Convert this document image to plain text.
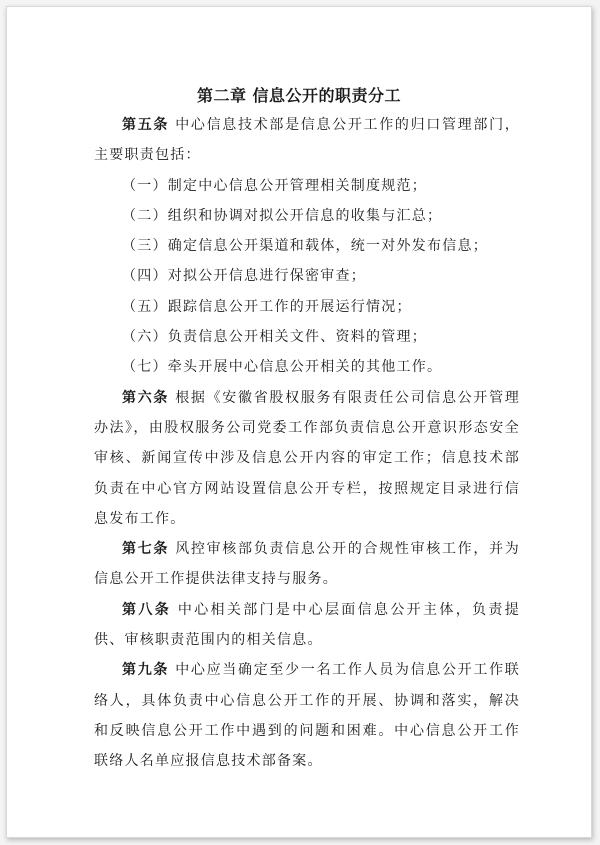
第二章 信息公开的职责分工

第五条 中心信息技术部是信息公开工作的归口管理部门，主要职责包括：

（一）制定中心信息公开管理相关制度规范；

（二）组织和协调对拟公开信息的收集与汇总；

（三）确定信息公开渠道和载体，统一对外发布信息；

（四）对拟公开信息进行保密审查；

（五）跟踪信息公开工作的开展运行情况；

（六）负责信息公开相关文件、资料的管理；

（七）牵头开展中心信息公开相关的其他工作。

第六条 根据《安徽省股权服务有限责任公司信息公开管理办法》，由股权服务公司党委工作部负责信息公开意识形态安全审核、新闻宣传中涉及信息公开内容的审定工作；信息技术部负责在中心官方网站设置信息公开专栏，按照规定目录进行信息发布工作。

第七条 风控审核部负责信息公开的合规性审核工作，并为信息公开工作提供法律支持与服务。

第八条 中心相关部门是中心层面信息公开主体，负责提供、审核职责范围内的相关信息。

第九条 中心应当确定至少一名工作人员为信息公开工作联络人，具体负责中心信息公开工作的开展、协调和落实，解决和反映信息公开工作中遇到的问题和困难。中心信息公开工作联络人名单应报信息技术部备案。
